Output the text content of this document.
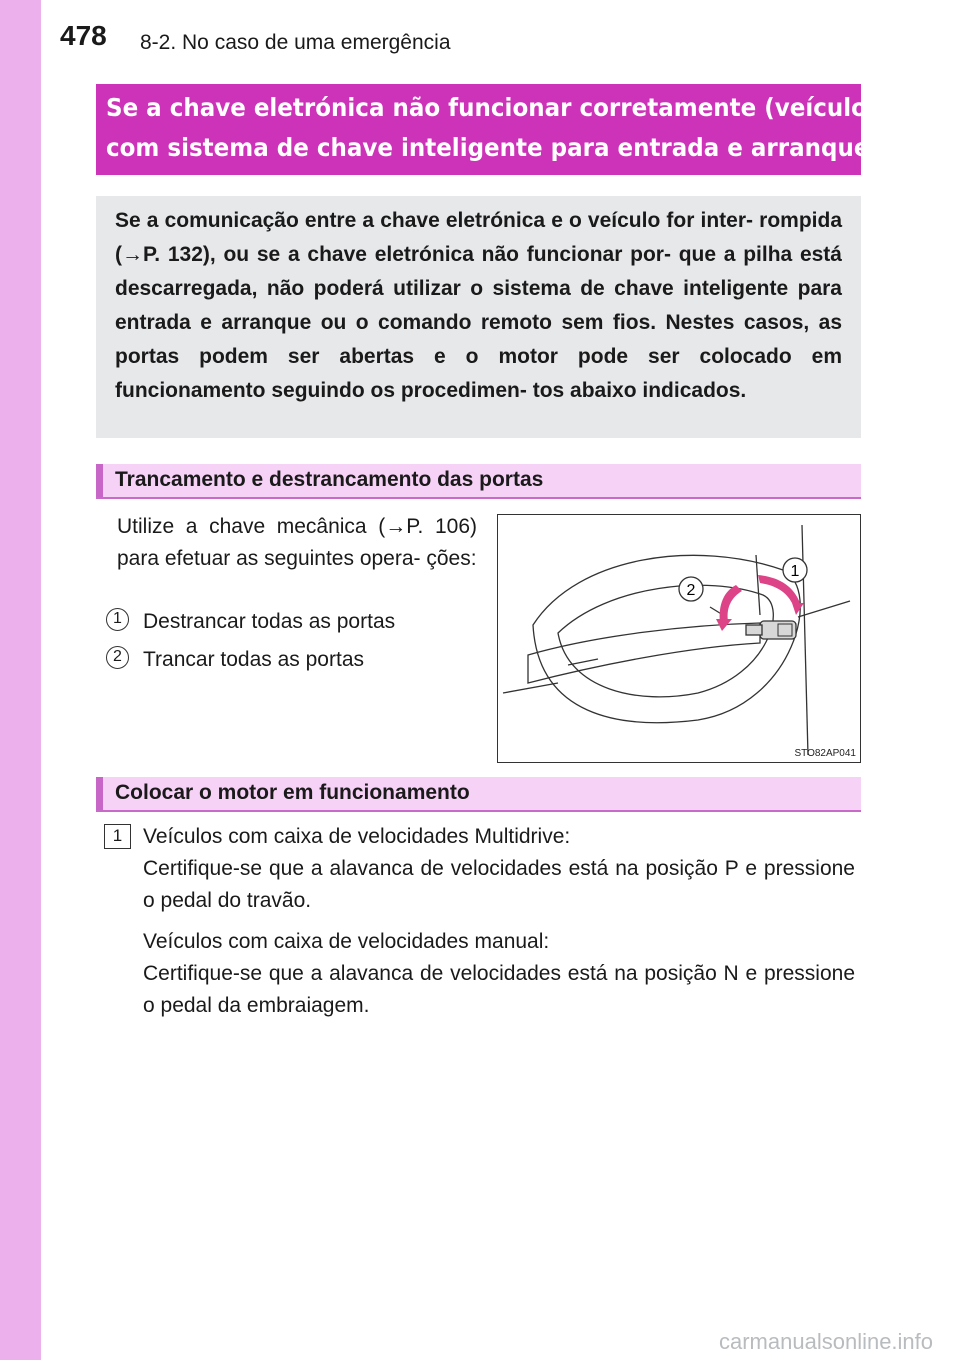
478 8-2. No caso de uma emergência
Se a chave eletrónica não funcionar corretamente (veículos
com sistema de chave inteligente para entrada e arranque)

Se a comunicação entre a chave eletrónica e o veículo for inter- rompida (→P. 132), ou se a chave eletrónica não funcionar por- que a pilha está descarregada, não poderá utilizar o sistema de chave inteligente para entrada e arranque ou o comando remoto sem fios. Nestes casos, as portas podem ser abertas e o motor pode ser colocado em funcionamento seguindo os procedimen- tos abaixo indicados.

Trancamento e destrancamento das portas
Utilize a chave mecânica (→P. 106) para efetuar as seguintes opera- ções:
1	Destrancar todas as portas
2	Trancar todas as portas
1
2
STO82AP041
Colocar o motor em funcionamento
1 Veículos com caixa de velocidades Multidrive:
Certifique-se que a alavanca de velocidades está na posição P e pressione o pedal do travão.

Veículos com caixa de velocidades manual:
Certifique-se que a alavanca de velocidades está na posição N e pressione o pedal da embraiagem.

carmanualsonline.info
